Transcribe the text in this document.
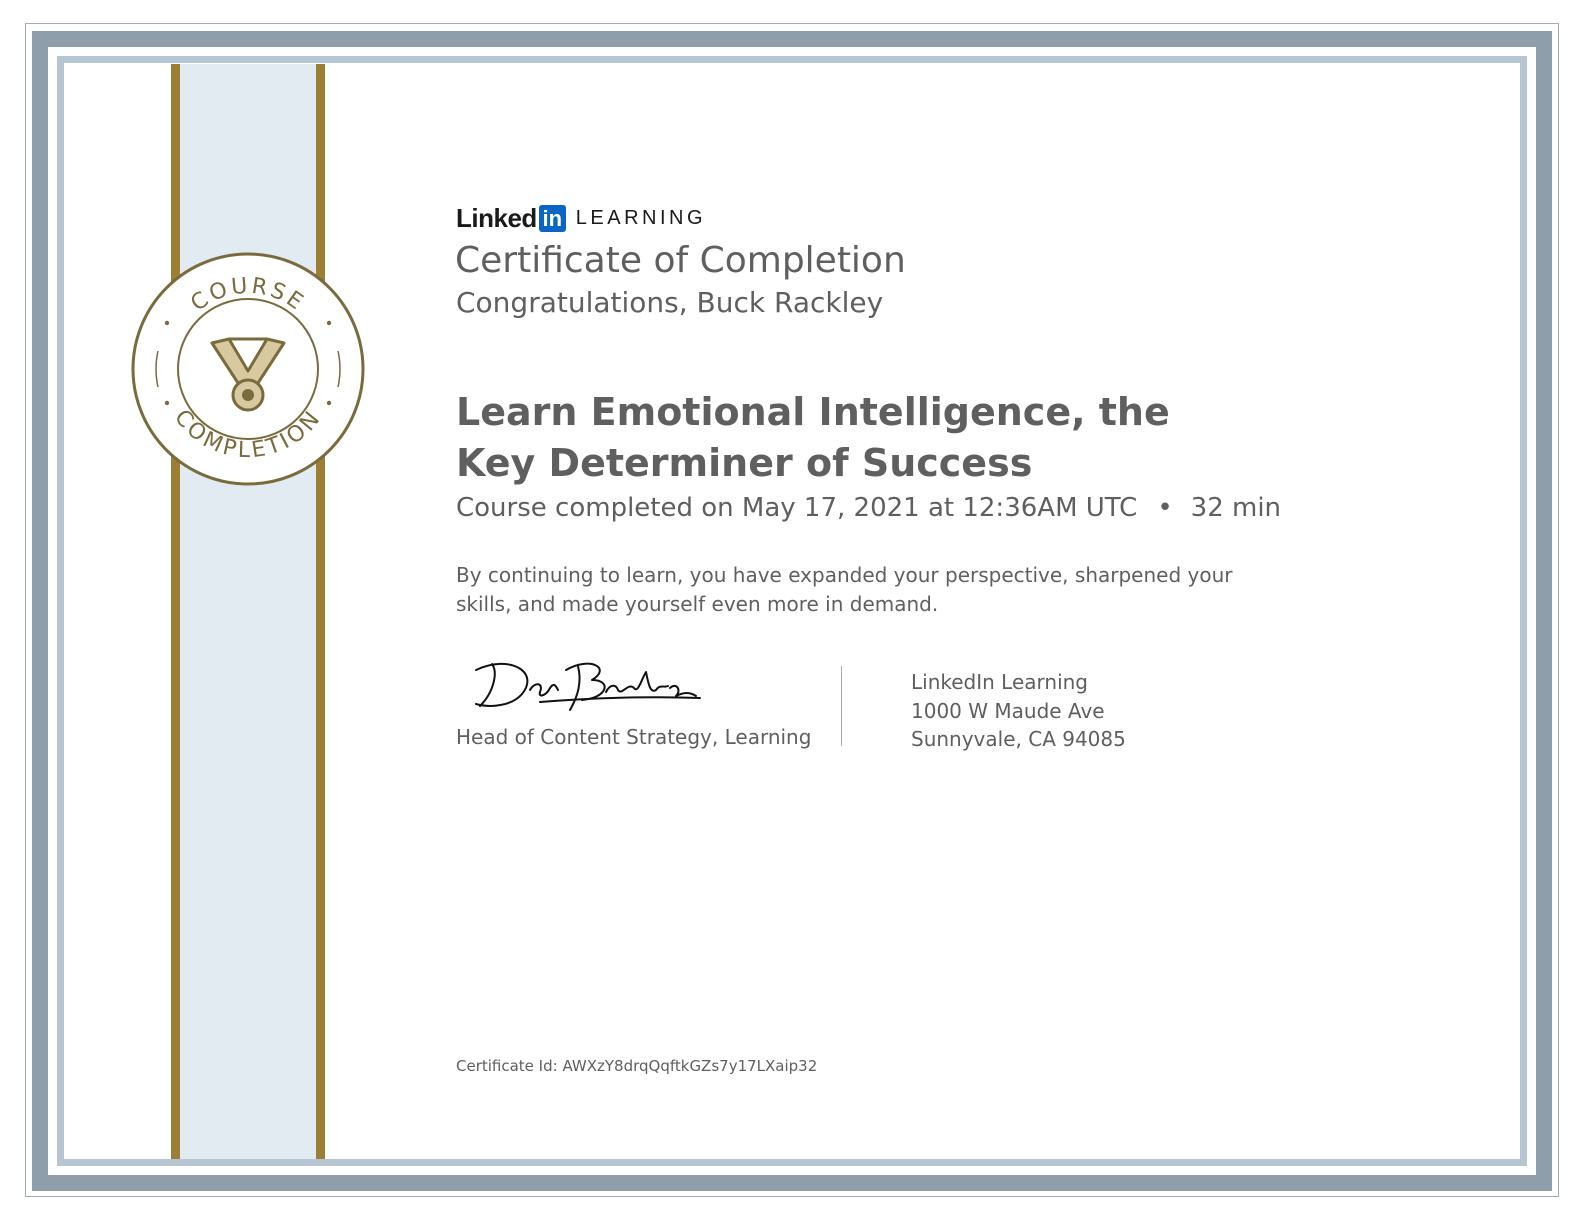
COURSE
COMPLETION
Linked in LEARNING
Certificate of Completion
Congratulations, Buck Rackley
Learn Emotional Intelligence, the Key Determiner of Success
Course completed on May 17, 2021 at 12:36AM UTC • 32 min
By continuing to learn, you have expanded your perspective, sharpened your skills, and made yourself even more in demand.
Head of Content Strategy, Learning
LinkedIn Learning
1000 W Maude Ave
Sunnyvale, CA 94085
Certificate Id: AWXzY8drqQqftkGZs7y17LXaip32
